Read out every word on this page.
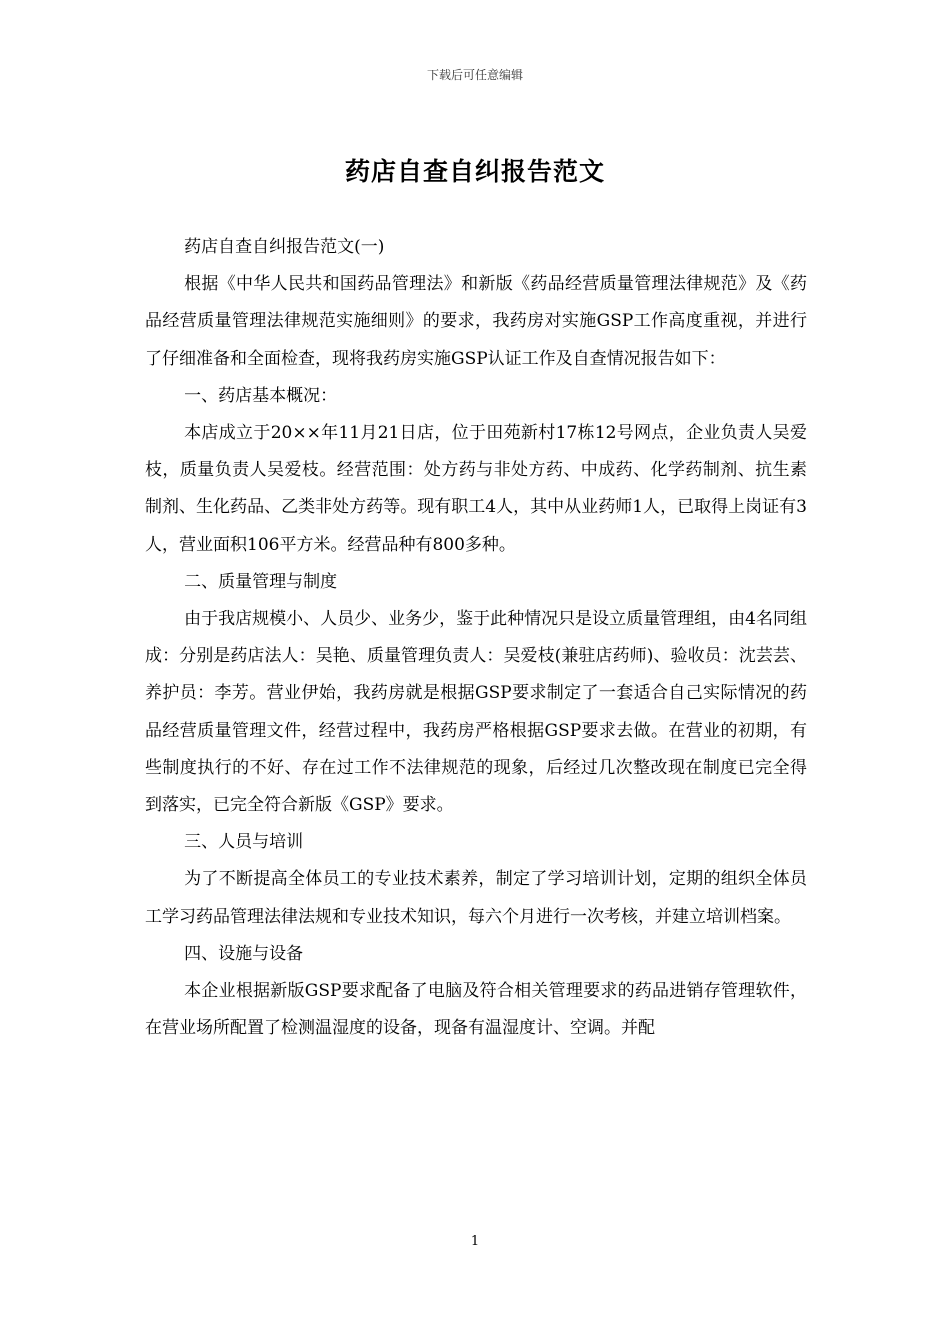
下载后可任意编辑
药店自查自纠报告范文

药店自查自纠报告范文(一)

根据《中华人民共和国药品管理法》和新版《药品经营质量管理法律规范》及《药品经营质量管理法律规范实施细则》的要求，我药房对实施GSP工作高度重视，并进行了仔细准备和全面检查，现将我药房实施GSP认证工作及自查情况报告如下：

一、药店基本概况：

本店成立于20××年11月21日店，位于田苑新村17栋12号网点，企业负责人吴爱枝，质量负责人吴爱枝。经营范围：处方药与非处方药、中成药、化学药制剂、抗生素制剂、生化药品、乙类非处方药等。现有职工4人，其中从业药师1人，已取得上岗证有3人，营业面积106平方米。经营品种有800多种。

二、质量管理与制度

由于我店规模小、人员少、业务少，鉴于此种情况只是设立质量管理组，由4名同组成：分别是药店法人：吴艳、质量管理负责人：吴爱枝(兼驻店药师)、验收员：沈芸芸、养护员：李芳。营业伊始，我药房就是根据GSP要求制定了一套适合自己实际情况的药品经营质量管理文件，经营过程中，我药房严格根据GSP要求去做。在营业的初期，有些制度执行的不好、存在过工作不法律规范的现象，后经过几次整改现在制度已完全得到落实，已完全符合新版《GSP》要求。

三、人员与培训

为了不断提高全体员工的专业技术素养，制定了学习培训计划，定期的组织全体员工学习药品管理法律法规和专业技术知识，每六个月进行一次考核，并建立培训档案。

四、设施与设备

本企业根据新版GSP要求配备了电脑及符合相关管理要求的药品进销存管理软件，在营业场所配置了检测温湿度的设备，现备有温湿度计、空调。并配

1
